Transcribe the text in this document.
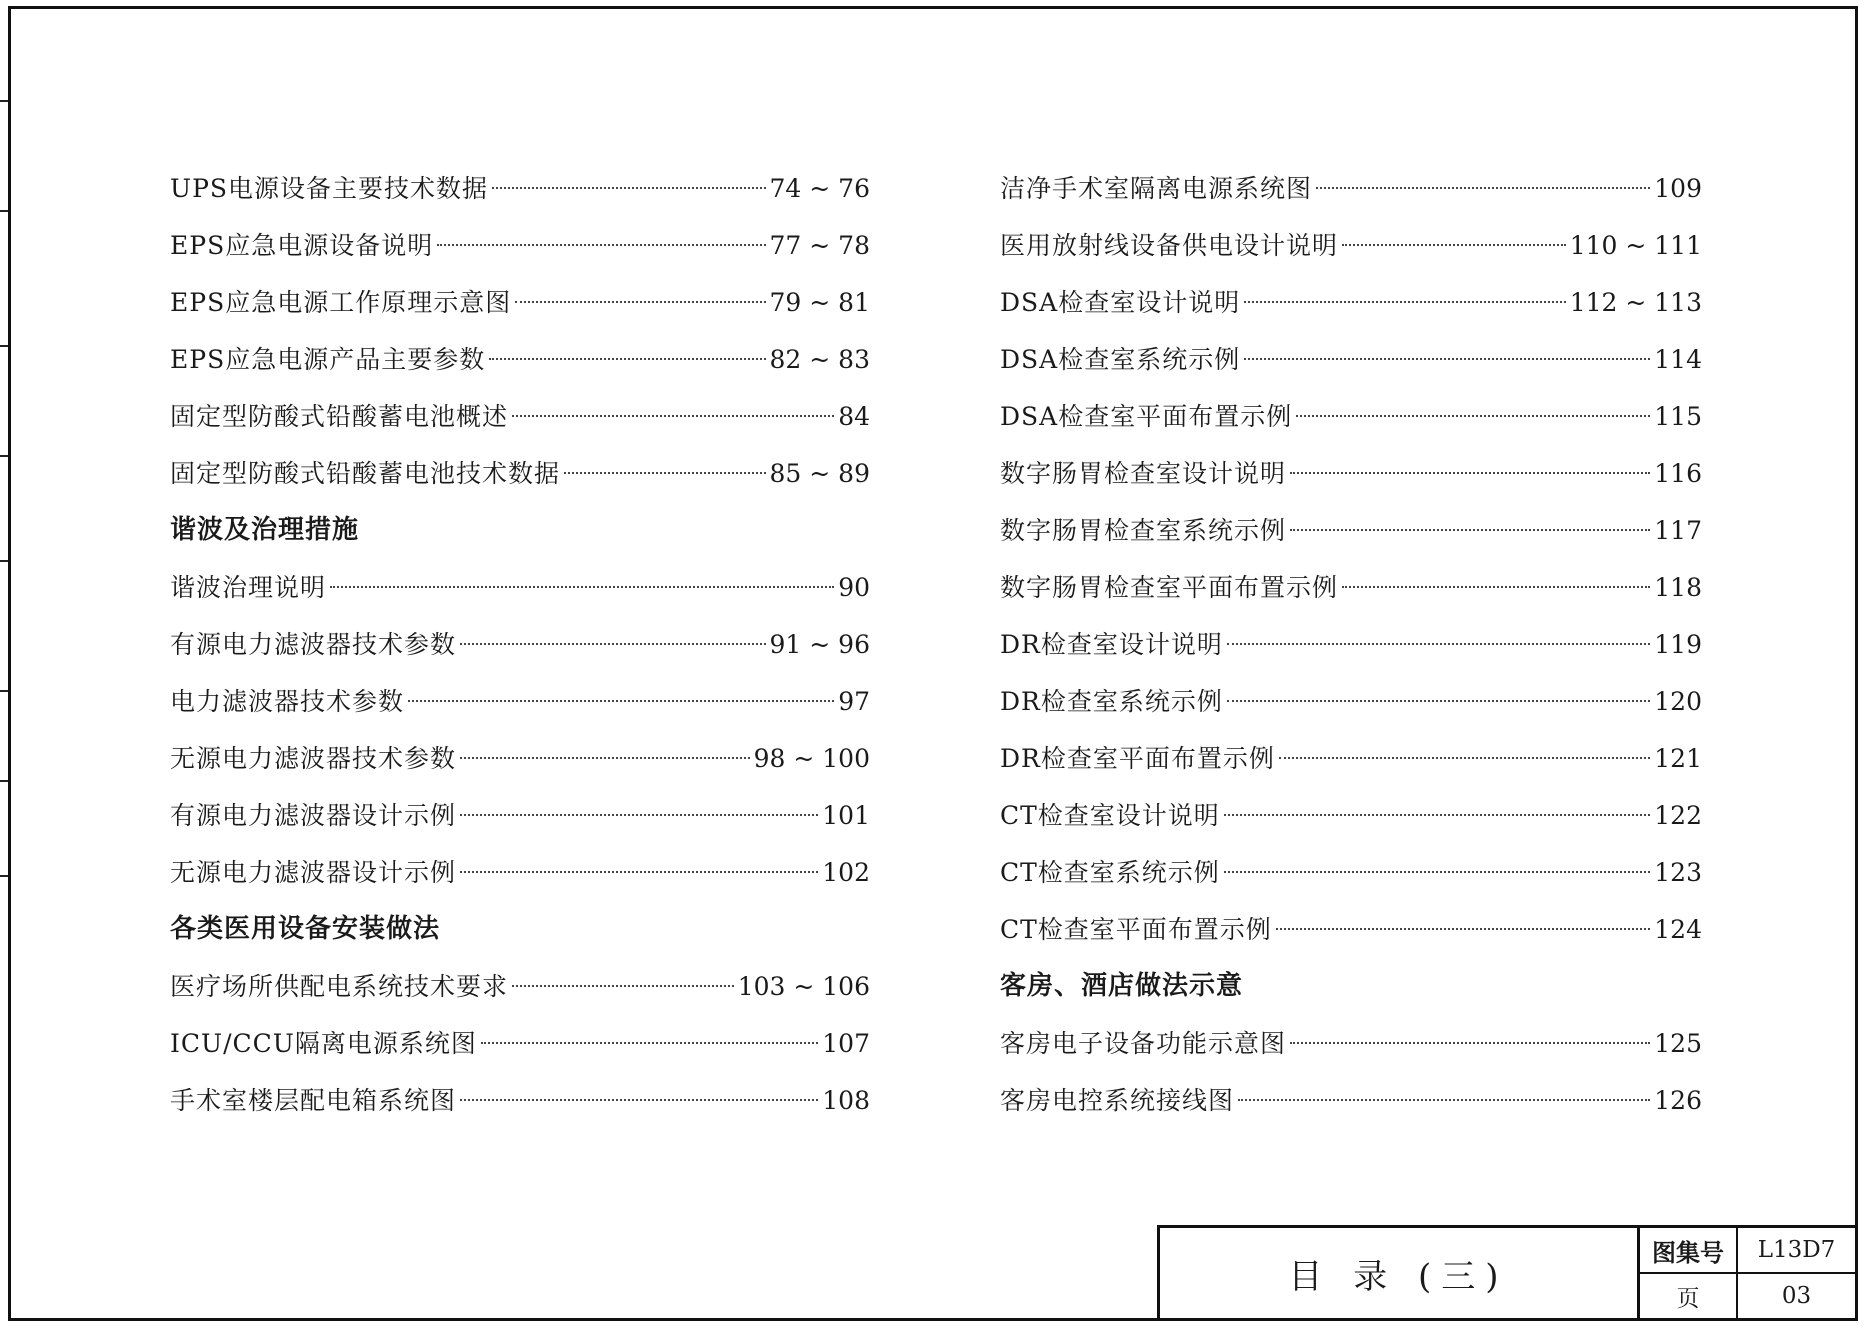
UPS电源设备主要技术数据	74 ~ 76
EPS应急电源设备说明	77 ~ 78
EPS应急电源工作原理示意图	79 ~ 81
EPS应急电源产品主要参数	82 ~ 83
固定型防酸式铅酸蓄电池概述	84
固定型防酸式铅酸蓄电池技术数据	85 ~ 89
谐波及治理措施
谐波治理说明	90
有源电力滤波器技术参数	91 ~ 96
电力滤波器技术参数	97
无源电力滤波器技术参数	98 ~ 100
有源电力滤波器设计示例	101
无源电力滤波器设计示例	102
各类医用设备安装做法
医疗场所供配电系统技术要求	103 ~ 106
ICU/CCU隔离电源系统图	107
手术室楼层配电箱系统图	108
洁净手术室隔离电源系统图	109
医用放射线设备供电设计说明	110 ~ 111
DSA检查室设计说明	112 ~ 113
DSA检查室系统示例	114
DSA检查室平面布置示例	115
数字肠胃检查室设计说明	116
数字肠胃检查室系统示例	117
数字肠胃检查室平面布置示例	118
DR检查室设计说明	119
DR检查室系统示例	120
DR检查室平面布置示例	121
CT检查室设计说明	122
CT检查室系统示例	123
CT检查室平面布置示例	124
客房、酒店做法示意
客房电子设备功能示意图	125
客房电控系统接线图	126
目 录 (三)
图集号	L13D7
页	03
